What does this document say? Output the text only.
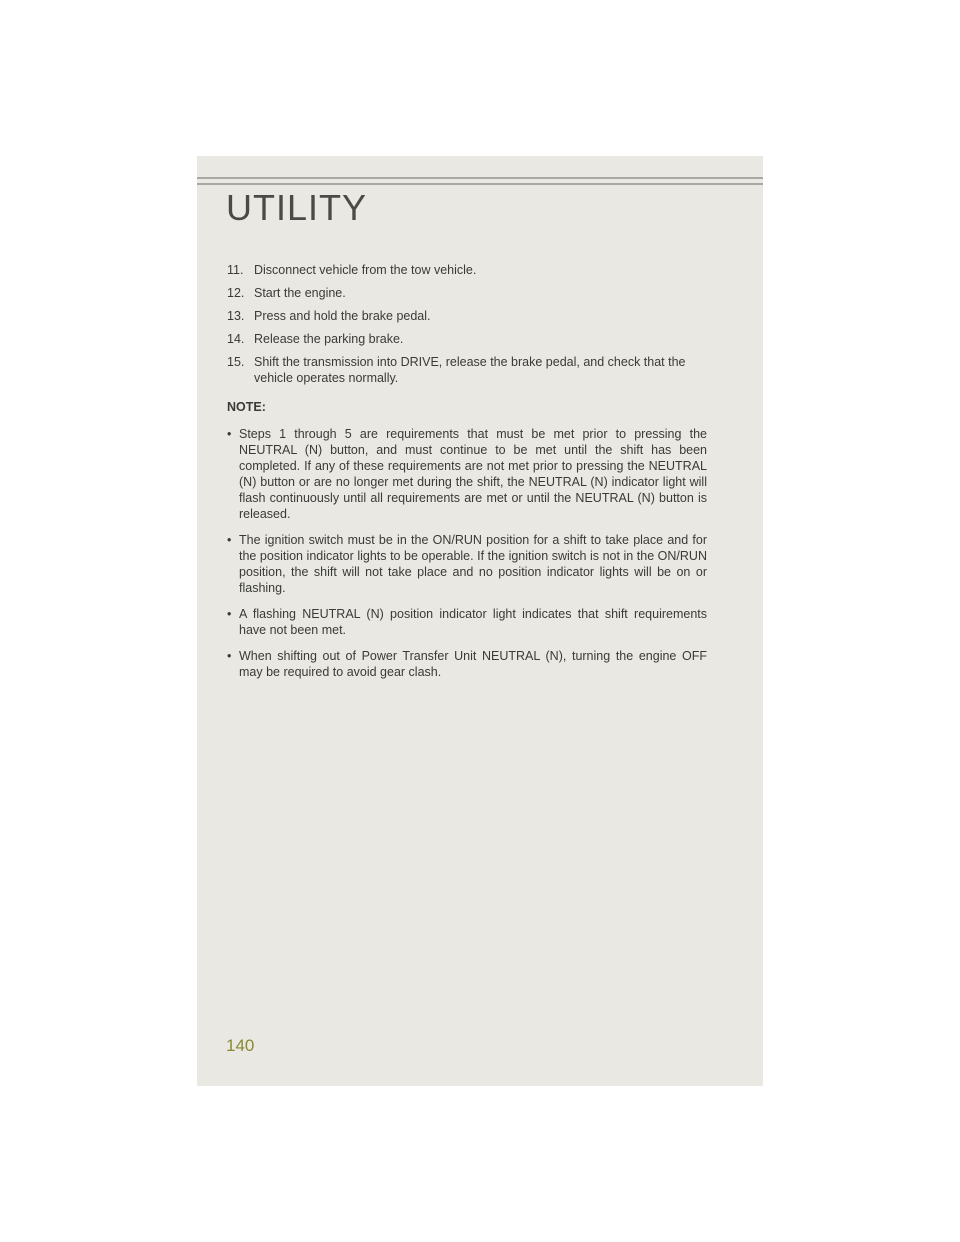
UTILITY
11. Disconnect vehicle from the tow vehicle.
12. Start the engine.
13. Press and hold the brake pedal.
14. Release the parking brake.
15. Shift the transmission into DRIVE, release the brake pedal, and check that the vehicle operates normally.
NOTE:
• Steps 1 through 5 are requirements that must be met prior to pressing the NEUTRAL (N) button, and must continue to be met until the shift has been completed. If any of these requirements are not met prior to pressing the NEUTRAL (N) button or are no longer met during the shift, the NEUTRAL (N) indicator light will flash continuously until all requirements are met or until the NEUTRAL (N) button is released.
• The ignition switch must be in the ON/RUN position for a shift to take place and for the position indicator lights to be operable. If the ignition switch is not in the ON/RUN position, the shift will not take place and no position indicator lights will be on or flashing.
• A flashing NEUTRAL (N) position indicator light indicates that shift requirements have not been met.
• When shifting out of Power Transfer Unit NEUTRAL (N), turning the engine OFF may be required to avoid gear clash.
140
